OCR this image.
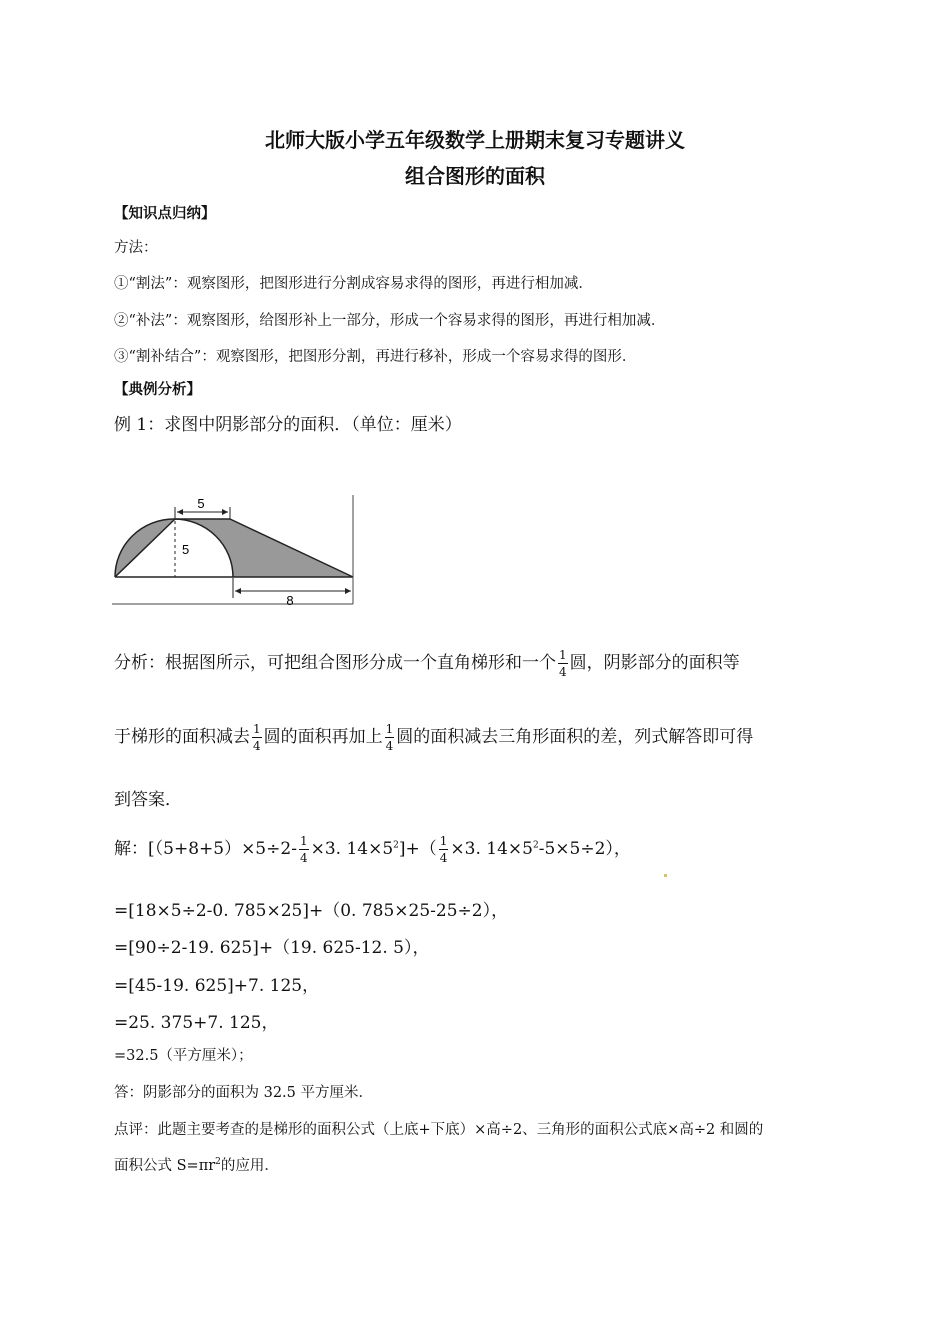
北师大版小学五年级数学上册期末复习专题讲义
组合图形的面积
【知识点归纳】
方法：
①“割法”：观察图形，把图形进行分割成容易求得的图形，再进行相加减．
②“补法”：观察图形，给图形补上一部分，形成一个容易求得的图形，再进行相加减．
③“割补结合”：观察图形，把图形分割，再进行移补，形成一个容易求得的图形．
【典例分析】
例 1：求图中阴影部分的面积．（单位：厘米）
5
5
8
分析：根据图所示，可把组合图形分成一个直角梯形和一个 $\frac{1}{4}$ 圆，阴影部分的面积等
于梯形的面积减去 $\frac{1}{4}$ 圆的面积再加上 $\frac{1}{4}$ 圆的面积减去三角形面积的差，列式解答即可得
到答案．
解：[$(5+8+5)\times 5\div 2- \frac{1}{4} \times 3$. $14\times 5^2]+( \frac{1}{4} \times 3$. $14\times 5^2-5\times 5\div 2$），
=[18×5÷2-0. 785×25]+（0. 785×25-25÷2），
=[90÷2-19. 625]+（19. 625-12. 5），
=[45-19. 625]+7. 125，
=25. 375+7. 125，
=32.5（平方厘米）；
答：阴影部分的面积为 32.5 平方厘米．
点评：此题主要考查的是梯形的面积公式（上底+下底）×高÷2、三角形的面积公式底×高÷2 和圆的
面积公式 $S=\pi r^2$的应用．
